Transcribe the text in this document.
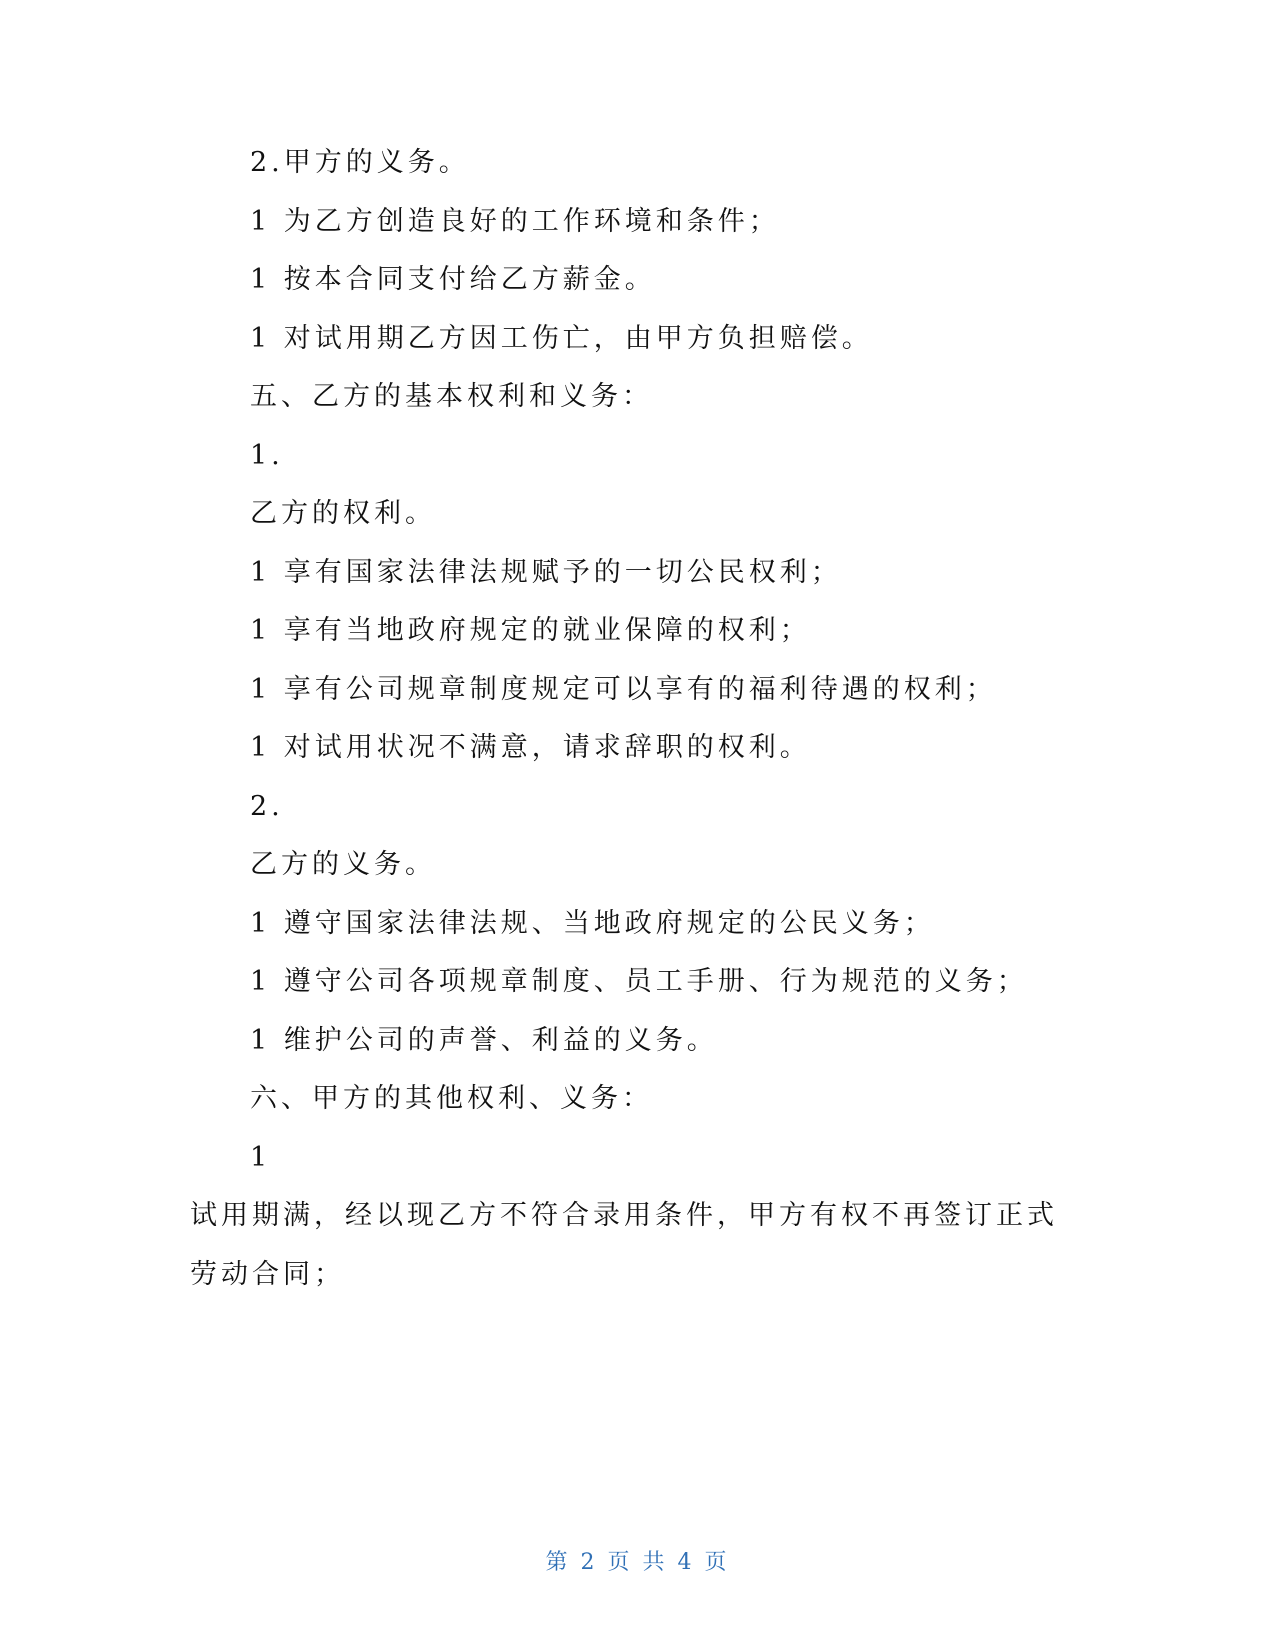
2.甲方的义务。
1 为乙方创造良好的工作环境和条件；
1 按本合同支付给乙方薪金。
1 对试用期乙方因工伤亡，由甲方负担赔偿。
五、乙方的基本权利和义务：
1.
乙方的权利。
1 享有国家法律法规赋予的一切公民权利；
1 享有当地政府规定的就业保障的权利；
1 享有公司规章制度规定可以享有的福利待遇的权利；
1 对试用状况不满意，请求辞职的权利。
2.
乙方的义务。
1 遵守国家法律法规、当地政府规定的公民义务；
1 遵守公司各项规章制度、员工手册、行为规范的义务；
1 维护公司的声誉、利益的义务。
六、甲方的其他权利、义务：
1
试用期满，经以现乙方不符合录用条件，甲方有权不再签订正式
劳动合同；
第 2 页 共 4 页
